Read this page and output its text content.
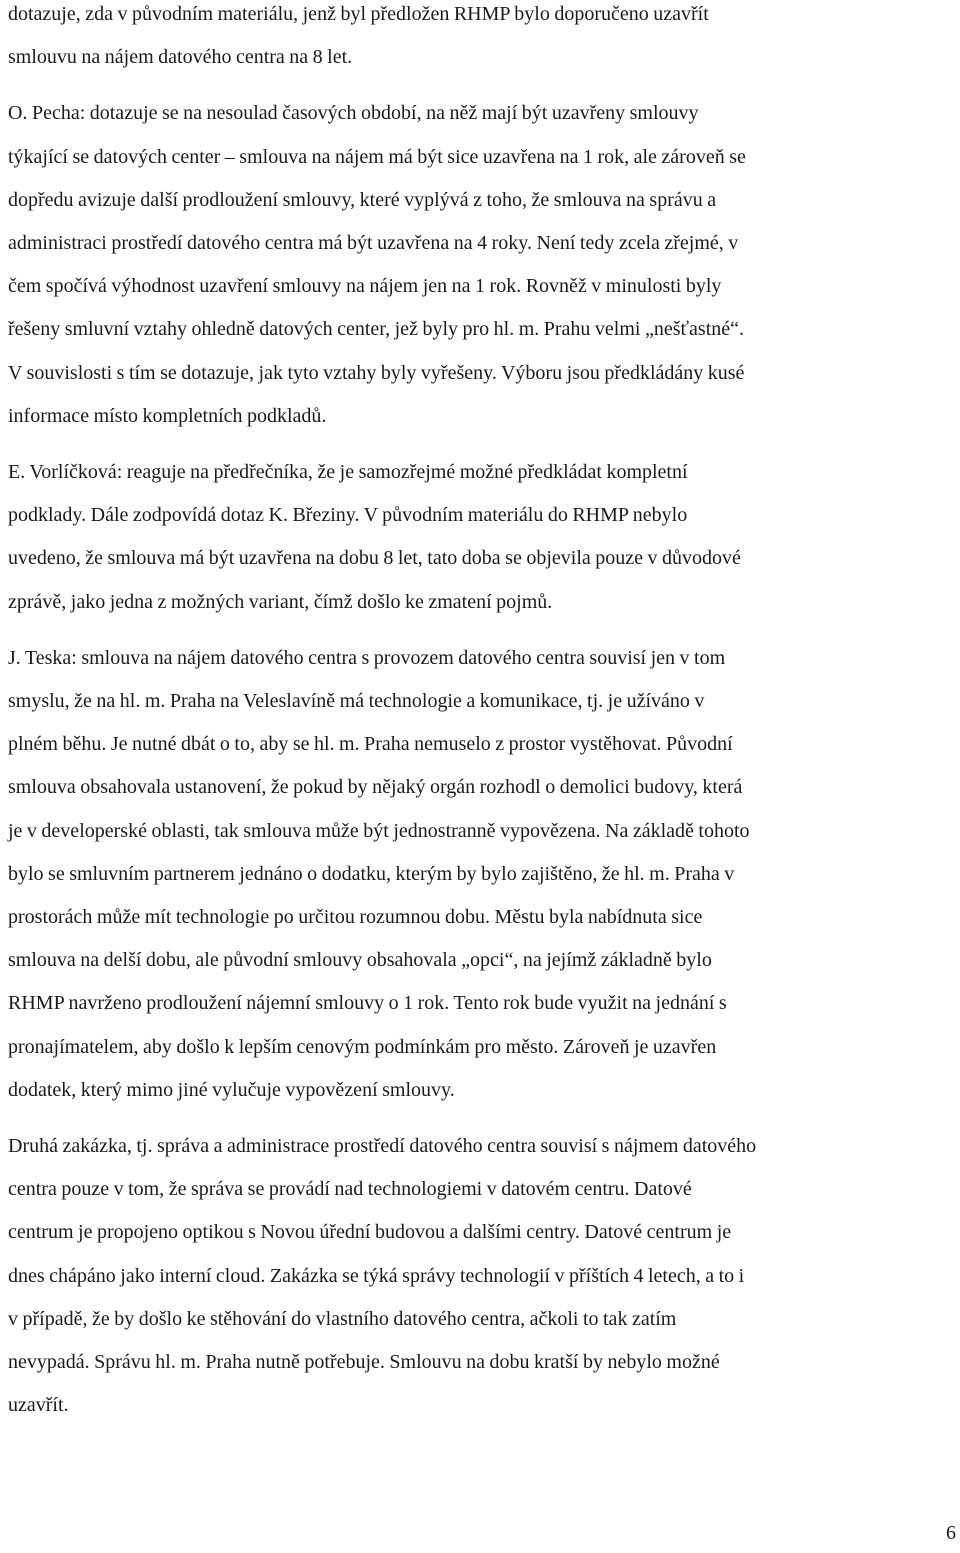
dotazuje, zda v původním materiálu, jenž byl předložen RHMP bylo doporučeno uzavřít
smlouvu na nájem datového centra na 8 let.

O. Pecha: dotazuje se na nesoulad časových období, na něž mají být uzavřeny smlouvy
týkající se datových center – smlouva na nájem má být sice uzavřena na 1 rok, ale zároveň se
dopředu avizuje další prodloužení smlouvy, které vyplývá z toho, že smlouva na správu a
administraci prostředí datového centra má být uzavřena na 4 roky. Není tedy zcela zřejmé, v
čem spočívá výhodnost uzavření smlouvy na nájem jen na 1 rok. Rovněž v minulosti byly
řešeny smluvní vztahy ohledně datových center, jež byly pro hl. m. Prahu velmi „nešťastné“.
V souvislosti s tím se dotazuje, jak tyto vztahy byly vyřešeny. Výboru jsou předkládány kusé
informace místo kompletních podkladů.

E. Vorlíčková: reaguje na předřečníka, že je samozřejmé možné předkládat kompletní
podklady. Dále zodpovídá dotaz K. Březiny. V původním materiálu do RHMP nebylo
uvedeno, že smlouva má být uzavřena na dobu 8 let, tato doba se objevila pouze v důvodové
zprávě, jako jedna z možných variant, čímž došlo ke zmatení pojmů.

J. Teska: smlouva na nájem datového centra s provozem datového centra souvisí jen v tom
smyslu, že na hl. m. Praha na Veleslavíně má technologie a komunikace, tj. je užíváno v
plném běhu. Je nutné dbát o to, aby se hl. m. Praha nemuselo z prostor vystěhovat. Původní
smlouva obsahovala ustanovení, že pokud by nějaký orgán rozhodl o demolici budovy, která
je v developerské oblasti, tak smlouva může být jednostranně vypovězena. Na základě tohoto
bylo se smluvním partnerem jednáno o dodatku, kterým by bylo zajištěno, že hl. m. Praha v
prostorách může mít technologie po určitou rozumnou dobu. Městu byla nabídnuta sice
smlouva na delší dobu, ale původní smlouvy obsahovala „opci“, na jejímž základně bylo
RHMP navrženo prodloužení nájemní smlouvy o 1 rok. Tento rok bude využit na jednání s
pronajímatelem, aby došlo k lepším cenovým podmínkám pro město. Zároveň je uzavřen
dodatek, který mimo jiné vylučuje vypovězení smlouvy.

Druhá zakázka, tj. správa a administrace prostředí datového centra souvisí s nájmem datového
centra pouze v tom, že správa se provádí nad technologiemi v datovém centru. Datové
centrum je propojeno optikou s Novou úřední budovou a dalšími centry. Datové centrum je
dnes chápáno jako interní cloud. Zakázka se týká správy technologií v příštích 4 letech, a to i
v případě, že by došlo ke stěhování do vlastního datového centra, ačkoli to tak zatím
nevypadá. Správu hl. m. Praha nutně potřebuje. Smlouvu na dobu kratší by nebylo možné
uzavřít.

6
